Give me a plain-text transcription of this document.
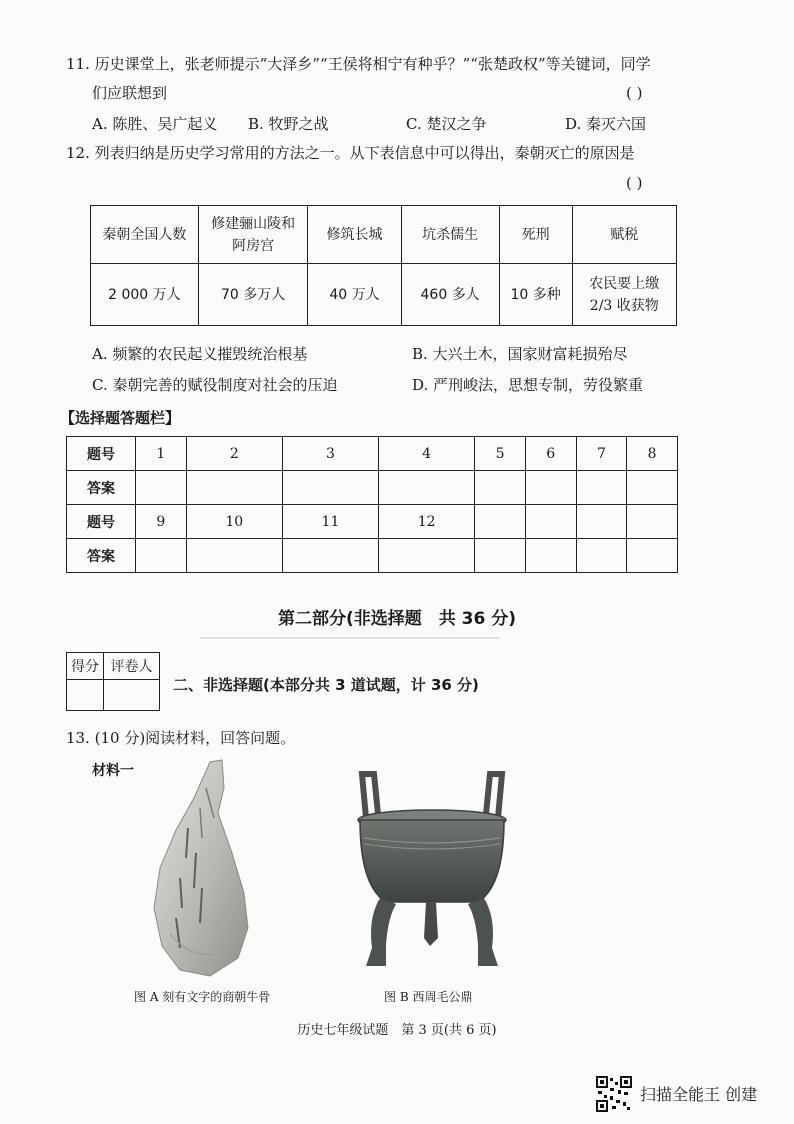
11. 历史课堂上，张老师提示“大泽乡”“王侯将相宁有种乎？”“张楚政权”等关键词，同学
们应联想到	( )
A. 陈胜、吴广起义 B. 牧野之战	C. 楚汉之争	D. 秦灭六国
12. 列表归纳是历史学习常用的方法之一。从下表信息中可以得出，秦朝灭亡的原因是
( )
秦朝全国人数	修建骊山陵和阿房宫	修筑长城	坑杀儒生	死刑	赋税
2 000 万人	70 多万人	40 万人	460 多人	10 多种	农民要上缴2/3 收获物
A. 频繁的农民起义摧毁统治根基	B. 大兴土木，国家财富耗损殆尽
C. 秦朝完善的赋役制度对社会的压迫	D. 严刑峻法，思想专制，劳役繁重
【选择题答题栏】
题号	1	2	3	4	5	6	7	8
答案								
题号	9	10	11	12				
答案								
第二部分(非选择题　共 36 分)
得分	评卷人

二、非选择题(本部分共 3 道试题，计 36 分)
13. (10 分)阅读材料，回答问题。
材料一
图 A 刻有文字的商朝牛骨	图 B 西周毛公鼎
历史七年级试题　第 3 页(共 6 页)
扫描全能王 创建
